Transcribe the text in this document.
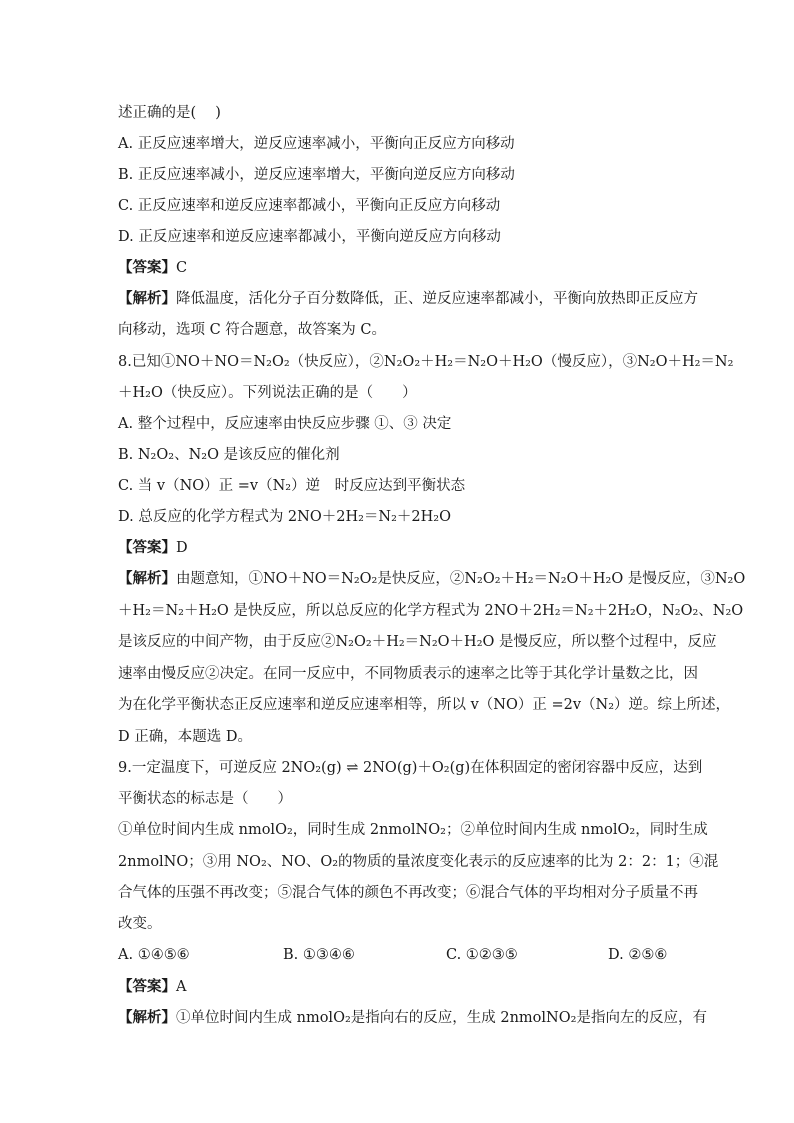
述正确的是(　 )
A. 正反应速率增大，逆反应速率减小，平衡向正反应方向移动
B. 正反应速率减小，逆反应速率增大，平衡向逆反应方向移动
C. 正反应速率和逆反应速率都减小，平衡向正反应方向移动
D. 正反应速率和逆反应速率都减小，平衡向逆反应方向移动
【答案】C
【解析】降低温度，活化分子百分数降低，正、逆反应速率都减小，平衡向放热即正反应方
向移动，选项 C 符合题意，故答案为 C。
8.已知①NO＋NO＝N₂O₂（快反应），②N₂O₂＋H₂＝N₂O＋H₂O（慢反应），③N₂O＋H₂＝N₂
＋H₂O（快反应）。下列说法正确的是（　　）
A. 整个过程中，反应速率由快反应步骤 ①、③ 决定
B. N₂O₂、N₂O 是该反应的催化剂
C. 当 v（NO）正 =v（N₂）逆　时反应达到平衡状态
D. 总反应的化学方程式为 2NO＋2H₂＝N₂＋2H₂O
【答案】D
【解析】由题意知，①NO＋NO＝N₂O₂是快反应，②N₂O₂＋H₂＝N₂O＋H₂O 是慢反应，③N₂O
＋H₂＝N₂＋H₂O 是快反应，所以总反应的化学方程式为 2NO＋2H₂＝N₂＋2H₂O，N₂O₂、N₂O
是该反应的中间产物，由于反应②N₂O₂＋H₂＝N₂O＋H₂O 是慢反应，所以整个过程中，反应
速率由慢反应②决定。在同一反应中，不同物质表示的速率之比等于其化学计量数之比，因
为在化学平衡状态正反应速率和逆反应速率相等，所以 v（NO）正 =2v（N₂）逆。综上所述，
D 正确，本题选 D。
9.一定温度下，可逆反应 2NO₂(g) ⇌ 2NO(g)＋O₂(g)在体积固定的密闭容器中反应，达到
平衡状态的标志是（　　）
①单位时间内生成 nmolO₂，同时生成 2nmolNO₂；②单位时间内生成 nmolO₂，同时生成
2nmolNO；③用 NO₂、NO、O₂的物质的量浓度变化表示的反应速率的比为 2：2：1；④混
合气体的压强不再改变；⑤混合气体的颜色不再改变；⑥混合气体的平均相对分子质量不再
改变。
A. ①④⑤⑥	B. ①③④⑥	C. ①②③⑤	D. ②⑤⑥
【答案】A
【解析】①单位时间内生成 nmolO₂是指向右的反应，生成 2nmolNO₂是指向左的反应，有
